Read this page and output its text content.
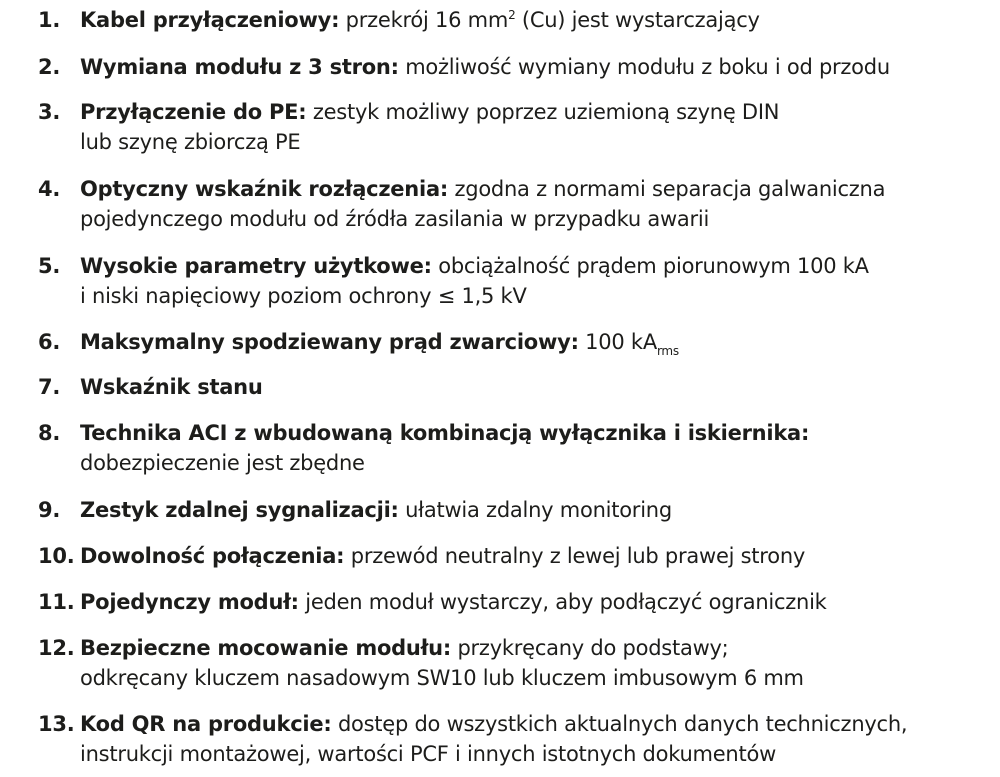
1. Kabel przyłączeniowy: przekrój 16 $mm^2$ (Cu) jest wystarczający
2. Wymiana modułu z 3 stron: możliwość wymiany modułu z boku i od przodu
3. Przyłączenie do PE: zestyk możliwy poprzez uziemioną szynę DIN
lub szynę zbiorczą PE
4. Optyczny wskaźnik rozłączenia: zgodna z normami separacja galwaniczna
pojedynczego modułu od źródła zasilania w przypadku awarii
5. Wysokie parametry użytkowe: obciążalność prądem piorunowym 100 kA
i niski napięciowy poziom ochrony ≤ 1,5 kV
6. Maksymalny spodziewany prąd zwarciowy: 100 $kA_{rms}$
7. Wskaźnik stanu
8. Technika ACI z wbudowaną kombinacją wyłącznika i iskiernika:
dobezpieczenie jest zbędne
9. Zestyk zdalnej sygnalizacji: ułatwia zdalny monitoring
10. Dowolność połączenia: przewód neutralny z lewej lub prawej strony
11. Pojedynczy moduł: jeden moduł wystarczy, aby podłączyć ogranicznik
12. Bezpieczne mocowanie modułu: przykręcany do podstawy;
odkręcany kluczem nasadowym SW10 lub kluczem imbusowym 6 mm
13. Kod QR na produkcie: dostęp do wszystkich aktualnych danych technicznych,
instrukcji montażowej, wartości PCF i innych istotnych dokumentów
